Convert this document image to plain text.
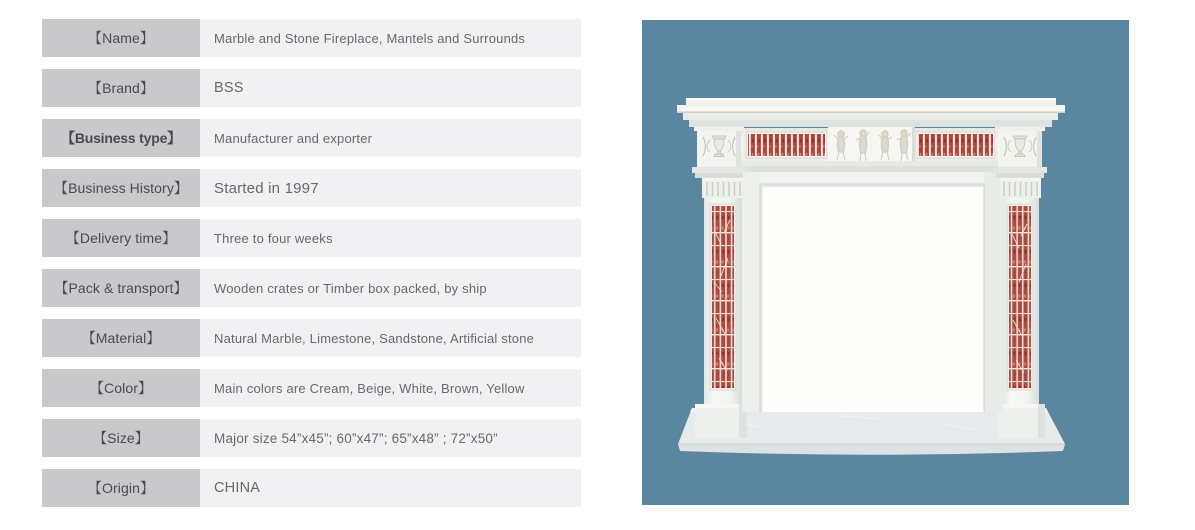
【Name】	Marble and Stone Fireplace, Mantels and Surrounds
【Brand】	BSS
【Business type】	Manufacturer and exporter
【Business History】	Started in 1997
【Delivery time】	Three to four weeks
【Pack & transport】	Wooden crates or Timber box packed, by ship
【Material】	Natural Marble, Limestone, Sandstone, Artificial stone
【Color】	Main colors are Cream, Beige, White, Brown, Yellow
【Size】	Major size 54”x45”; 60”x47”; 65”x48” ; 72”x50”
【Origin】	CHINA
